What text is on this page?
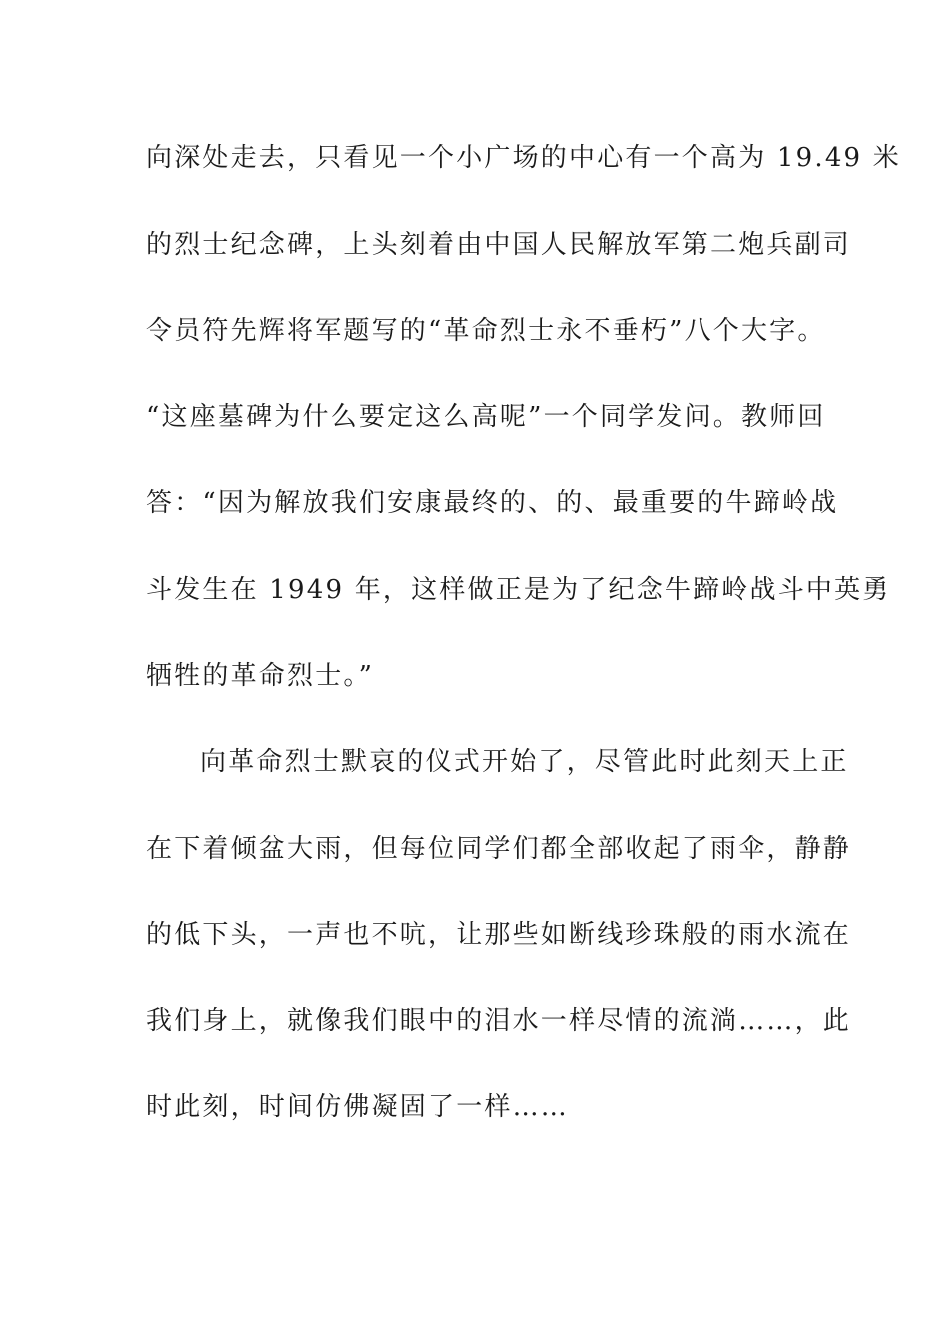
向深处走去，只看见一个小广场的中心有一个高为 19.49 米
的烈士纪念碑，上头刻着由中国人民解放军第二炮兵副司
令员符先辉将军题写的“革命烈士永不垂朽”八个大字。
“这座墓碑为什么要定这么高呢”一个同学发问。教师回
答：“因为解放我们安康最终的、的、最重要的牛蹄岭战
斗发生在 1949 年，这样做正是为了纪念牛蹄岭战斗中英勇
牺牲的革命烈士。”
向革命烈士默哀的仪式开始了，尽管此时此刻天上正
在下着倾盆大雨，但每位同学们都全部收起了雨伞，静静
的低下头，一声也不吭，让那些如断线珍珠般的雨水流在
我们身上，就像我们眼中的泪水一样尽情的流淌……，此
时此刻，时间仿佛凝固了一样……
